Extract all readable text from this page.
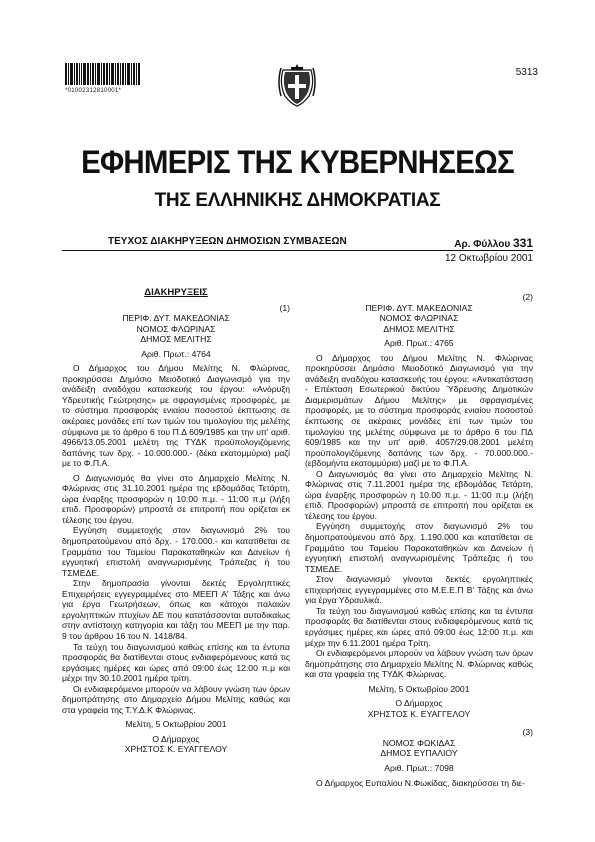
*01002312810001*
5313
ΕΦΗΜΕΡΙΣ ΤΗΣ ΚΥΒΕΡΝΗΣΕΩΣ
ΤΗΣ ΕΛΛΗΝΙΚΗΣ ΔΗΜΟΚΡΑΤΙΑΣ
ΤΕΥΧΟΣ ΔΙΑΚΗΡΥΞΕΩΝ ΔΗΜΟΣΙΩΝ ΣΥΜΒΑΣΕΩΝ	Αρ. Φύλλου 331
12 Οκτωβρίου 2001
ΔΙΑΚΗΡΥΞΕΙΣ
(1)
ΠΕΡΙΦ. ΔΥΤ. ΜΑΚΕΔΟΝΙΑΣ
ΝΟΜΟΣ ΦΛΩΡΙΝΑΣ
ΔΗΜΟΣ ΜΕΛΙΤΗΣ
Αριθ. Πρωτ.: 4764

Ο Δήμαρχος του Δήμου Μελίτης Ν. Φλώρινας, προκηρύσσει Δημόσιο Μειοδοτικό Διαγωνισμό για την ανάδειξη αναδόχου κατασκευής του έργου: «Ανόρυξη Υδρευτικής Γεώτρησης» με σφραγισμένες προσφορές, με το σύστημα προσφοράς ενιαίου ποσοστού έκπτωσης σε ακέραιες μονάδες επί των τιμών του τιμολογίου της μελέτης σύμφωνα με το άρθρο 6 του Π.Δ 609/1985 και την υπ' αριθ. 4966/13.05.2001 μελέτη της ΤΥΔΚ προϋπολογιζόμενης δαπάνης των δρχ. - 10.000.000.- (δέκα εκατομμύρια) μαζί με το Φ.Π.Α.

Ο Διαγωνισμός θα γίνει στο Δημαρχείο Μελίτης Ν. Φλώρινας στις 31.10.2001 ημέρα της εβδομάδας Τετάρτη, ώρα έναρξης προσφορών η 10:00 π.μ. - 11:00 π.μ (λήξη επιδ. Προσφορών) μπροστά σε επιτροπή που ορίζεται εκ τέλεσης του έργου.

Εγγύηση συμμετοχής στον διαγωνισμό 2% του δημοπρατούμενου από δρχ. - 170.000.- και κατατίθεται σε Γραμμάτιο του Ταμείου Παρακαταθηκών και Δανείων ή εγγυητική επιστολή αναγνωρισμένης Τράπεζας ή του ΤΣΜΕΔΕ.

Στην δημοπρασία γίνονται δεκτές Εργοληπτικές Επιχειρήσεις εγγεγραμμένες στο ΜΕΕΠ Α' Τάξης και άνω για έργα Γεωτρήσεων, όπως και κάτοχοι παλαιών εργοληπτικών πτυχίων ΔΕ που κατατάσσονται αυτοδικαίως στην αντίστοιχη κατηγορία και τάξη του ΜΕΕΠ με την παρ. 9 του άρθρου 16 του Ν. 1418/84.

Τα τεύχη του διαγωνισμού καθώς επίσης και τα έντυπα προσφοράς θα διατίθενται στους ενδιαφερόμενους κατά τις εργάσιμες ημέρες και ώρες από 09:00 έως 12:00 π.μ και μέχρι την 30.10.2001 ημέρα τρίτη.

Οι ενδιαφερόμενοι μπορούν να λάβουν γνώση των όρων δημοπράτησης στο Δημαρχείο Δήμου Μελίτης καθώς και στα γραφεία της Τ.Υ.Δ.Κ Φλώρινας.

Μελίτη, 5 Οκτωβρίου 2001
Ο Δήμαρχος
ΧΡΗΣΤΟΣ Κ. ΕΥΑΓΓΕΛΟΥ
(2)
ΠΕΡΙΦ. ΔΥΤ. ΜΑΚΕΔΟΝΙΑΣ
ΝΟΜΟΣ ΦΛΩΡΙΝΑΣ
ΔΗΜΟΣ ΜΕΛΙΤΗΣ
Αριθ. Πρωτ.: 4765

Ο Δήμαρχος του Δήμου Μελίτης Ν. Φλώρινας προκηρύσσει Δημόσιο Μειοδοτικό Διαγωνισμό για την ανάδειξη αναδόχου κατασκευής του έργου: «Αντικατάσταση - Επέκταση Εσωτερικού δικτύου Ύδρευσης Δημοτικών Διαμερισμάτων Δήμου Μελίτης» με σφραγισμένες προσφορές, με το σύστημα προσφοράς ενιαίου ποσοστού έκπτωσης σε ακέραιες μονάδες επί των τιμών του τιμολογίου της μελέτης σύμφωνα με το άρθρο 6 του ΠΔ 609/1985 και την υπ' αριθ. 4057/29.08.2001 μελέτη προϋπολογιζόμενης δαπάνης των δρχ. - 70.000.000.- (εβδομήντα εκατομμύρια) μαζί με το Φ.Π.Α.

Ο Διαγωνισμός θα γίνει στο Δημαρχείο Μελίτης Ν. Φλώρινας στις 7.11.2001 ημέρα της εβδομάδας Τετάρτη, ώρα έναρξης προσφορών η 10.00 π.μ. - 11:00 π.μ (λήξη επιδ. Προσφορών) μπροστά σε επιτροπή που ορίζεται εκ τέλεσης του έργου.

Εγγύηση συμμετοχής στον διαγωνισμό 2% του δημοπρατούμενου από δρχ. 1.190.000 και κατατίθεται σε Γραμμάτιο του Ταμείου Παρακαταθηκών και Δανείων ή εγγυητική επιστολή αναγνωρισμένης Τράπεζας ή του ΤΣΜΕΔΕ.

Στον διαγωνισμό γίνονται δεκτές εργοληπτικές επιχειρήσεις εγγεγραμμένες στο Μ.Ε.Ε.Π Β' Τάξης και άνω για έργα Υδραυλικά.

Τα τεύχη του διαγωνισμού καθώς επίσης και τα έντυπα προσφοράς θα διατίθενται στους ενδιαφερόμενους κατά τις εργάσιμες ημέρες και ώρες από 09:00 έως 12:00 π.μ. και μέχρι την 6.11.2001 ημέρα Τρίτη.

Οι ενδιαφερόμενοι μπορούν να λάβουν γνώση των όρων δημοπράτησης στο Δημαρχείο Μελίτης Ν. Φλώρινας καθώς και στα γραφεία της ΤΥΔΚ Φλώρινας.

Μελίτη, 5 Οκτωβρίου 2001
Ο Δήμαρχος
ΧΡΗΣΤΟΣ Κ. ΕΥΑΓΓΕΛΟΥ
(3)
ΝΟΜΟΣ ΦΩΚΙΔΑΣ
ΔΗΜΟΣ ΕΥΠΑΛΙΟΥ
Αριθ. Πρωτ.: 7098

Ο Δήμαρχος Ευπαλίου Ν.Φωκίδας, διακηρύσσει τη διε-
